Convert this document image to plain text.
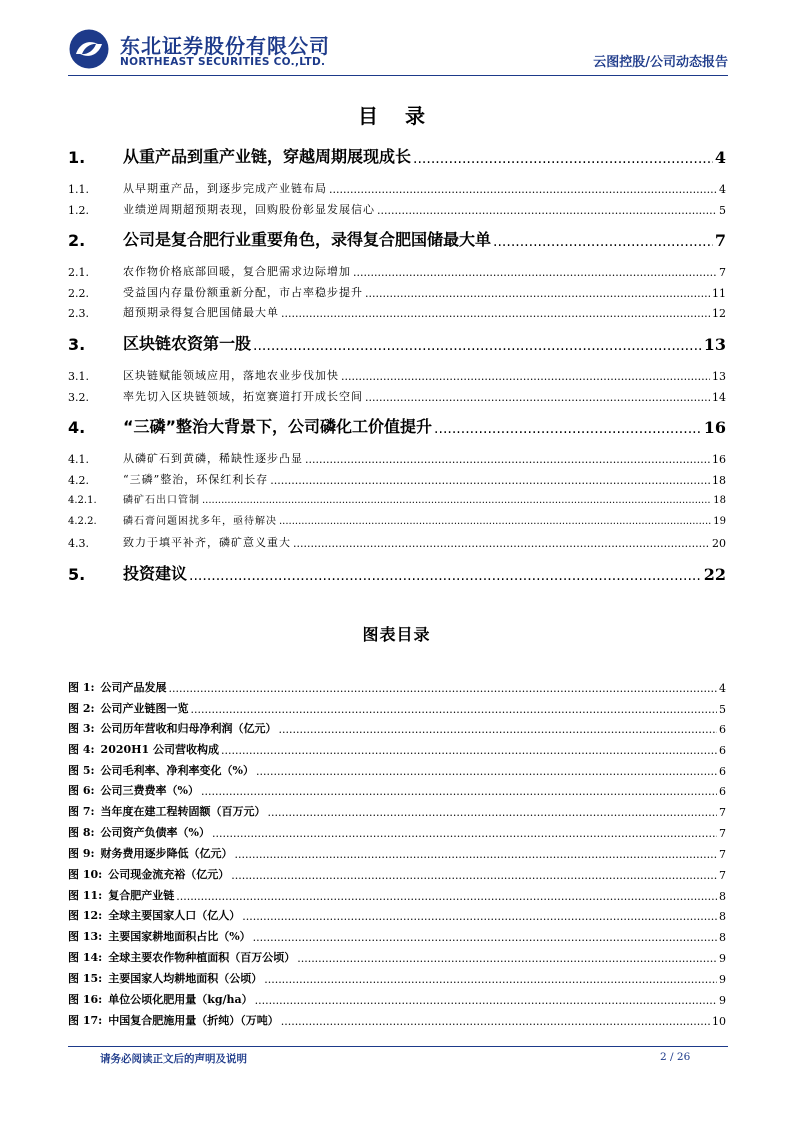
东北证券股份有限公司
NORTHEAST SECURITIES CO.,LTD.	云图控股/公司动态报告
目 录
1.	从重产品到重产业链，穿越周期展现成长 .....	4
1.1.	从早期重产品，到逐步完成产业链布局 .....	4
1.2.	业绩逆周期超预期表现，回购股份彰显发展信心 .....	5
2.	公司是复合肥行业重要角色，录得复合肥国储最大单 .....	7
2.1.	农作物价格底部回暖，复合肥需求边际增加 .....	7
2.2.	受益国内存量份额重新分配，市占率稳步提升 .....	11
2.3.	超预期录得复合肥国储最大单 .....	12
3.	区块链农资第一股 .....	13
3.1.	区块链赋能领域应用，落地农业步伐加快 .....	13
3.2.	率先切入区块链领域，拓宽赛道打开成长空间 .....	14
4.	“三磷”整治大背景下，公司磷化工价值提升 .....	16
4.1.	从磷矿石到黄磷，稀缺性逐步凸显 .....	16
4.2.	“三磷”整治，环保红利长存 .....	18
4.2.1.	磷矿石出口管制 .....	18
4.2.2.	磷石膏问题困扰多年，亟待解决 .....	19
4.3.	致力于填平补齐，磷矿意义重大 .....	20
5.	投资建议 .....	22
图表目录
图 1: 公司产品发展 .....	4
图 2: 公司产业链图一览 .....	5
图 3: 公司历年营收和归母净利润（亿元） .....	6
图 4: 2020H1 公司营收构成 .....	6
图 5: 公司毛利率、净利率变化（%） .....	6
图 6: 公司三费费率（%） .....	6
图 7: 当年度在建工程转固额（百万元） .....	7
图 8: 公司资产负债率（%） .....	7
图 9: 财务费用逐步降低（亿元） .....	7
图 10: 公司现金流充裕（亿元） .....	7
图 11: 复合肥产业链 .....	8
图 12: 全球主要国家人口（亿人） .....	8
图 13: 主要国家耕地面积占比（%） .....	8
图 14: 全球主要农作物种植面积（百万公顷） .....	9
图 15: 主要国家人均耕地面积（公顷） .....	9
图 16: 单位公顷化肥用量（kg/ha） .....	9
图 17: 中国复合肥施用量（折纯）（万吨） .....	10
请务必阅读正文后的声明及说明	2 / 26
